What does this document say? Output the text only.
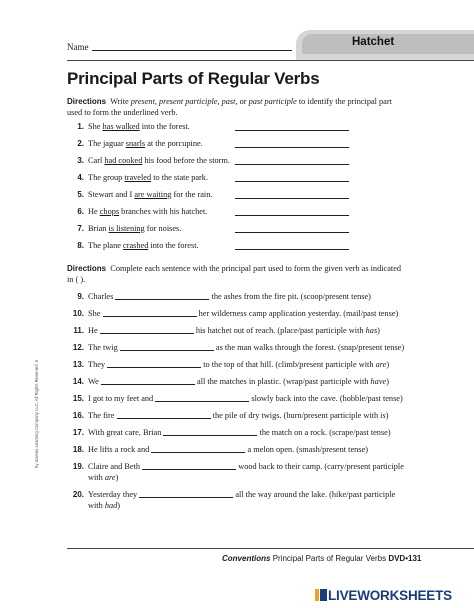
Name	Hatchet
Principal Parts of Regular Verbs

Directions Write present, present participle, past, or past participle to identify the principal part
used to form the underlined verb.

1. She has walked into the forest.
2. The jaguar snarls at the porcupine.
3. Carl had cooked his food before the storm.
4. The group traveled to the state park.
5. Stewart and I are waiting for the rain.
6. He chops branches with his hatchet.
7. Brian is listening for noises.
8. The plane crashed into the forest.

Directions Complete each sentence with the principal part used to form the given verb as indicated
in ( ).

9. Charles	the ashes from the fire pit. (scoop/present tense)
10. She	her wilderness camp application yesterday. (mail/past tense)
11. He	his hatchet out of reach. (place/past participle with has)
12. The twig	as the man walks through the forest. (snap/present tense)
13. They	to the top of that hill. (climb/present participle with are)
14. We	all the matches in plastic. (wrap/past participle with have)
15. I got to my feet and	slowly back into the cave. (hobble/past tense)
16. The fire	the pile of dry twigs. (burn/present participle with is)
17. With great care, Brian	the match on a rock. (scrape/past tense)
18. He lifts a rock and	a melon open. (smash/present tense)
19. Claire and Beth	wood back to their camp. (carry/present participle
with are)
20. Yesterday they	all the way around the lake. (hike/past participle
with had)
by Savvas Learning Company LLC. All Rights Reserved. 6
Conventions Principal Parts of Regular Verbs DVD•131
LIVEWORKSHEETS
